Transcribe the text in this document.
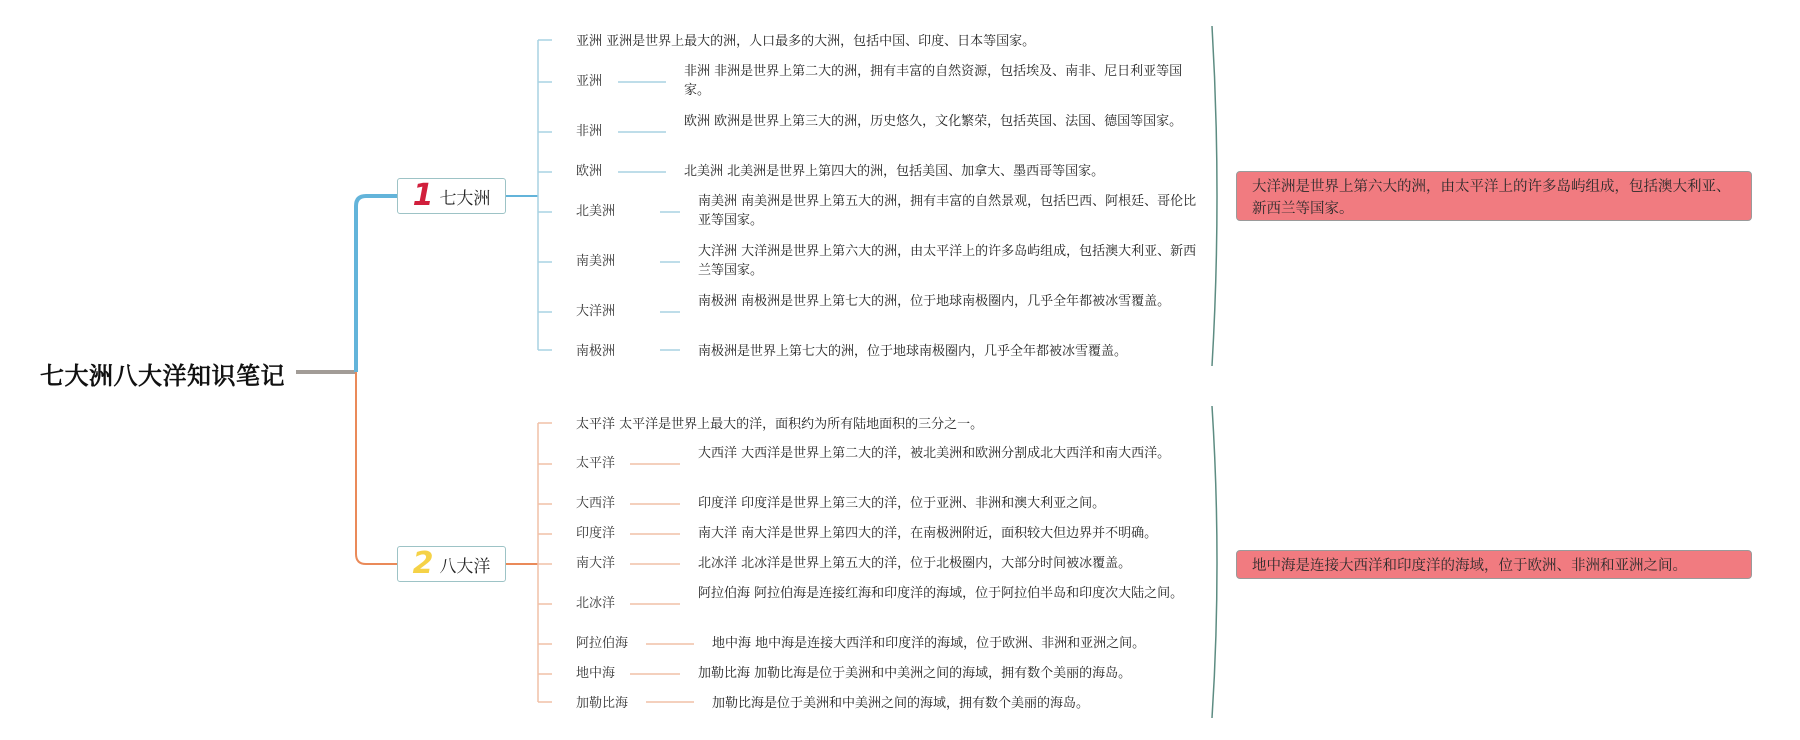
七大洲八大洋知识笔记
1 七大洲
亚洲
非洲
欧洲
北美洲
南美洲
大洋洲
南极洲
亚洲 亚洲是世界上最大的洲，人口最多的大洲，包括中国、印度、日本等国家。
非洲 非洲是世界上第二大的洲，拥有丰富的自然资源，包括埃及、南非、尼日利亚等国家。
欧洲 欧洲是世界上第三大的洲，历史悠久，文化繁荣，包括英国、法国、德国等国家。
北美洲 北美洲是世界上第四大的洲，包括美国、加拿大、墨西哥等国家。
南美洲 南美洲是世界上第五大的洲，拥有丰富的自然景观，包括巴西、阿根廷、哥伦比亚等国家。
大洋洲 大洋洲是世界上第六大的洲，由太平洋上的许多岛屿组成，包括澳大利亚、新西兰等国家。
南极洲 南极洲是世界上第七大的洲，位于地球南极圈内，几乎全年都被冰雪覆盖。
南极洲是世界上第七大的洲，位于地球南极圈内，几乎全年都被冰雪覆盖。
大洋洲是世界上第六大的洲，由太平洋上的许多岛屿组成，包括澳大利亚、新西兰等国家。
2 八大洋
太平洋
大西洋
印度洋
南大洋
北冰洋
阿拉伯海
地中海
加勒比海
太平洋 太平洋是世界上最大的洋，面积约为所有陆地面积的三分之一。
大西洋 大西洋是世界上第二大的洋，被北美洲和欧洲分割成北大西洋和南大西洋。
印度洋 印度洋是世界上第三大的洋，位于亚洲、非洲和澳大利亚之间。
南大洋 南大洋是世界上第四大的洋，在南极洲附近，面积较大但边界并不明确。
北冰洋 北冰洋是世界上第五大的洋，位于北极圈内，大部分时间被冰覆盖。
阿拉伯海 阿拉伯海是连接红海和印度洋的海域，位于阿拉伯半岛和印度次大陆之间。
地中海 地中海是连接大西洋和印度洋的海域，位于欧洲、非洲和亚洲之间。
加勒比海 加勒比海是位于美洲和中美洲之间的海域，拥有数个美丽的海岛。
加勒比海是位于美洲和中美洲之间的海域，拥有数个美丽的海岛。
地中海是连接大西洋和印度洋的海域，位于欧洲、非洲和亚洲之间。
